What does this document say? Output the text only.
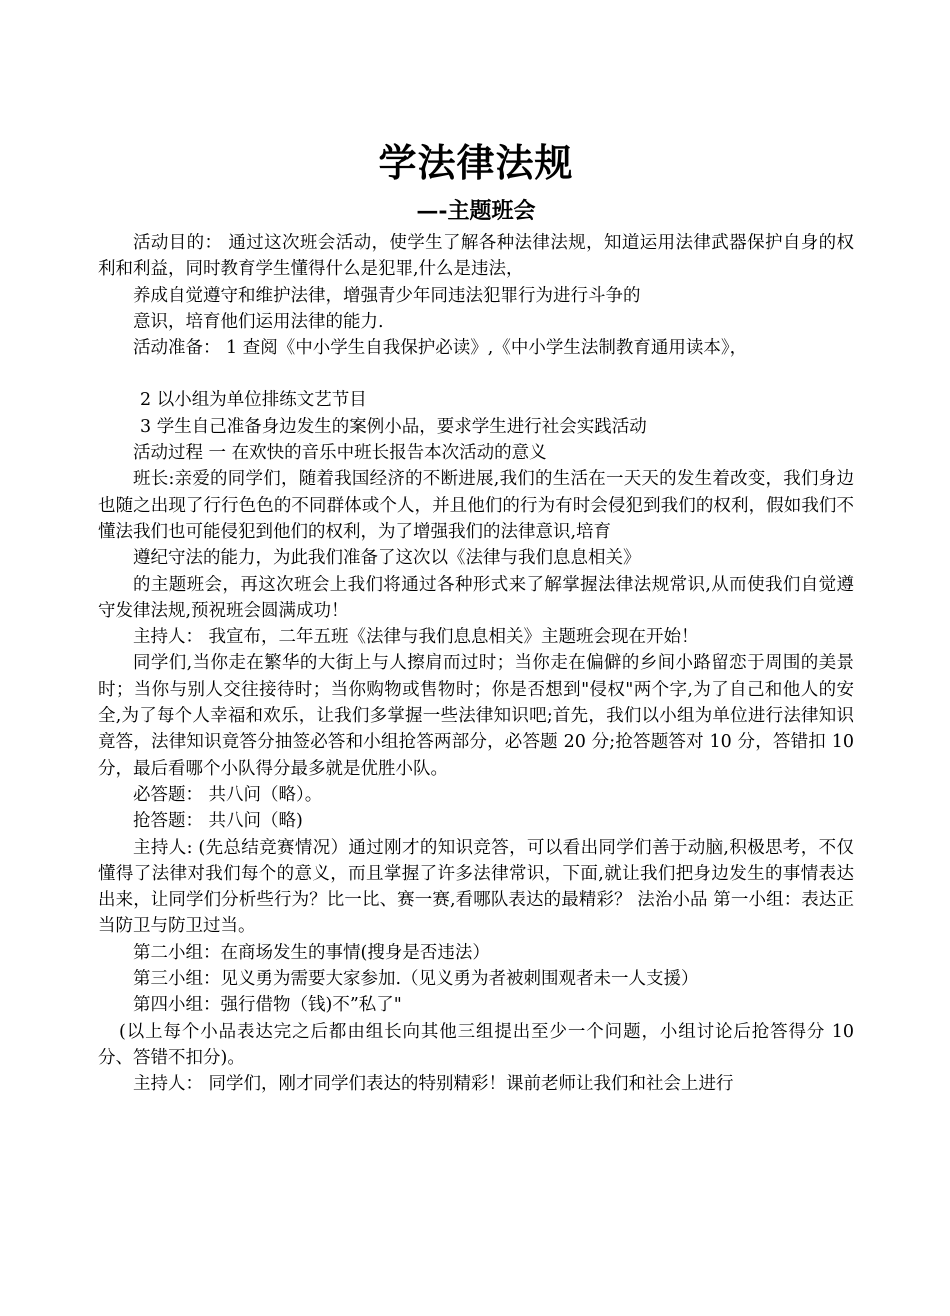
学法律法规
—-主题班会

活动目的： 通过这次班会活动，使学生了解各种法律法规，知道运用法律武器保护自身的权利和利益，同时教育学生懂得什么是犯罪,什么是违法，

养成自觉遵守和维护法律，增强青少年同违法犯罪行为进行斗争的

意识，培育他们运用法律的能力.

活动准备： 1 查阅《中小学生自我保护必读》,《中小学生法制教育通用读本》，

2 以小组为单位排练文艺节目

3 学生自己准备身边发生的案例小品，要求学生进行社会实践活动

活动过程 一 在欢快的音乐中班长报告本次活动的意义

班长:亲爱的同学们，随着我国经济的不断进展,我们的生活在一天天的发生着改变，我们身边也随之出现了行行色色的不同群体或个人，并且他们的行为有时会侵犯到我们的权利，假如我们不懂法我们也可能侵犯到他们的权利，为了增强我们的法律意识,培育

遵纪守法的能力，为此我们准备了这次以《法律与我们息息相关》

的主题班会，再这次班会上我们将通过各种形式来了解掌握法律法规常识,从而使我们自觉遵守发律法规,预祝班会圆满成功！

主持人： 我宣布，二年五班《法律与我们息息相关》主题班会现在开始！

同学们,当你走在繁华的大街上与人擦肩而过时；当你走在偏僻的乡间小路留恋于周围的美景时；当你与别人交往接待时；当你购物或售物时；你是否想到"侵权"两个字,为了自己和他人的安全,为了每个人幸福和欢乐，让我们多掌握一些法律知识吧;首先，我们以小组为单位进行法律知识竟答，法律知识竟答分抽签必答和小组抢答两部分，必答题 20 分;抢答题答对 10 分，答错扣 10 分，最后看哪个小队得分最多就是优胜小队。

必答题： 共八问（略）。

抢答题： 共八问（略)

主持人: (先总结竞赛情况）通过刚才的知识竞答，可以看出同学们善于动脑,积极思考，不仅懂得了法律对我们每个的意义，而且掌握了许多法律常识，下面,就让我们把身边发生的事情表达出来，让同学们分析些行为？比一比、赛一赛,看哪队表达的最精彩？ 法治小品 第一小组：表达正当防卫与防卫过当。

第二小组：在商场发生的事情(搜身是否违法）

第三小组：见义勇为需要大家参加.（见义勇为者被刺围观者未一人支援）

第四小组：强行借物（钱)不”私了"

(以上每个小品表达完之后都由组长向其他三组提出至少一个问题，小组讨论后抢答得分 10 分、答错不扣分)。

主持人： 同学们，刚才同学们表达的特别精彩！课前老师让我们和社会上进行
